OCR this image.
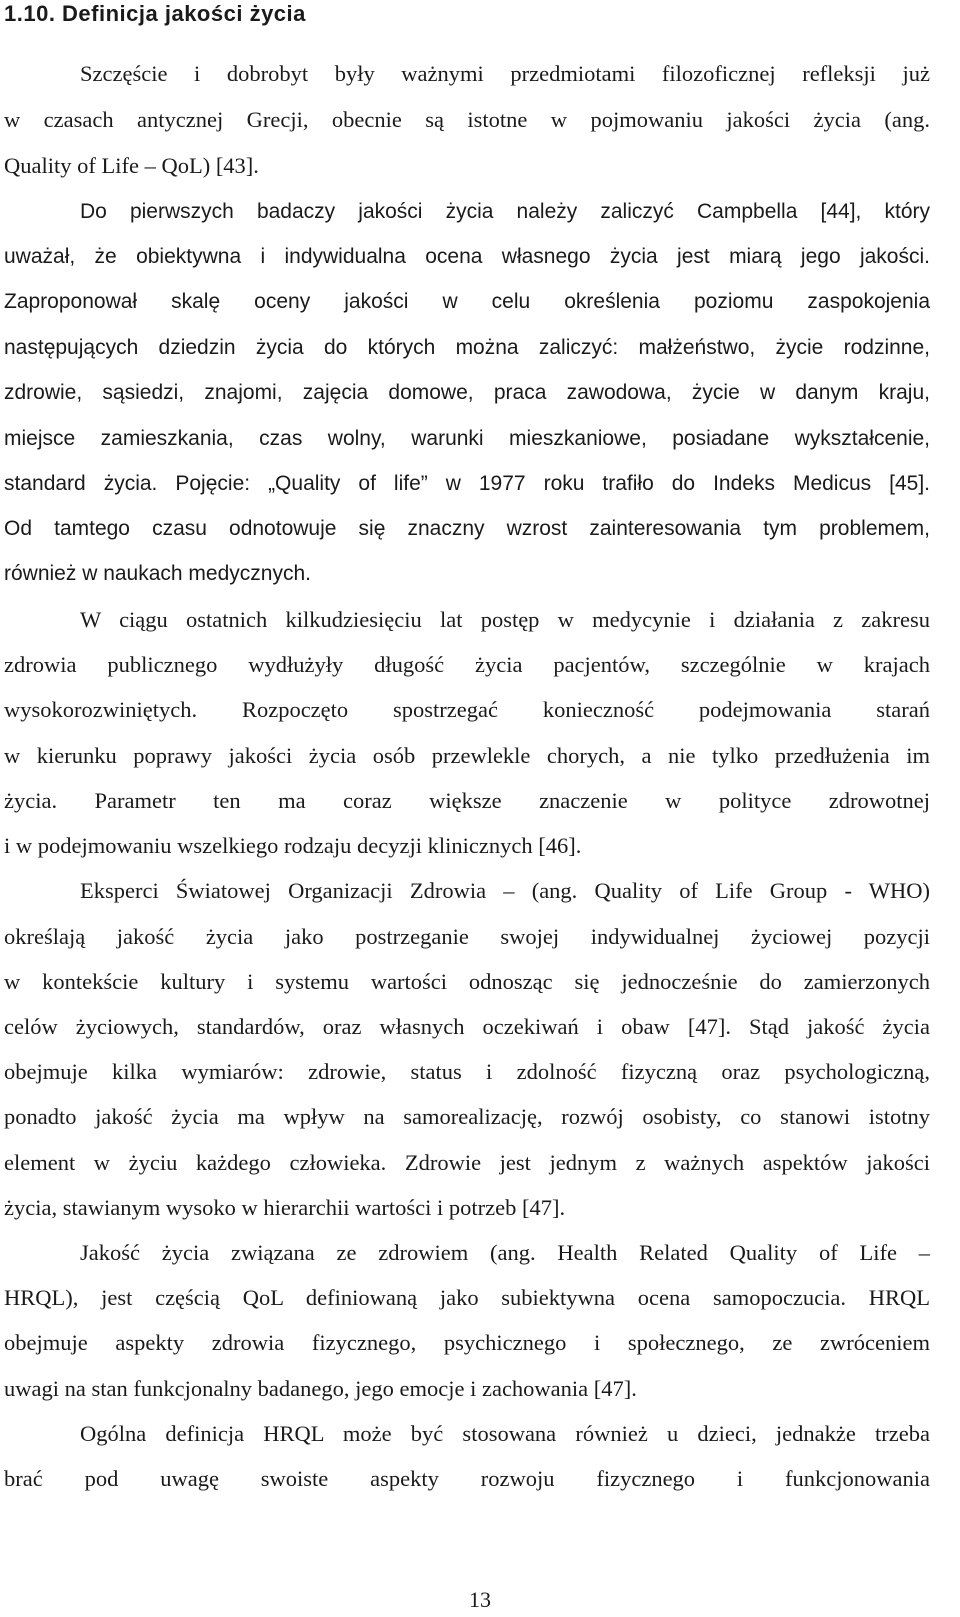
1.10. Definicja jakości życia
Szczęście i dobrobyt były ważnymi przedmiotami filozoficznej refleksji już
w czasach antycznej Grecji, obecnie są istotne w pojmowaniu jakości życia (ang.
Quality of Life – QoL) [43].
Do pierwszych badaczy jakości życia należy zaliczyć Campbella [44], który
uważał, że obiektywna i indywidualna ocena własnego życia jest miarą jego jakości.
Zaproponował skalę oceny jakości w celu określenia poziomu zaspokojenia
następujących dziedzin życia do których można zaliczyć: małżeństwo, życie rodzinne,
zdrowie, sąsiedzi, znajomi, zajęcia domowe, praca zawodowa, życie w danym kraju,
miejsce zamieszkania, czas wolny, warunki mieszkaniowe, posiadane wykształcenie,
standard życia. Pojęcie: „Quality of life” w 1977 roku trafiło do Indeks Medicus [45].
Od tamtego czasu odnotowuje się znaczny wzrost zainteresowania tym problemem,
również w naukach medycznych.
W ciągu ostatnich kilkudziesięciu lat postęp w medycynie i działania z zakresu
zdrowia publicznego wydłużyły długość życia pacjentów, szczególnie w krajach
wysokorozwiniętych. Rozpoczęto spostrzegać konieczność podejmowania starań
w kierunku poprawy jakości życia osób przewlekle chorych, a nie tylko przedłużenia im
życia. Parametr ten ma coraz większe znaczenie w polityce zdrowotnej
i w podejmowaniu wszelkiego rodzaju decyzji klinicznych [46].
Eksperci Światowej Organizacji Zdrowia – (ang. Quality of Life Group - WHO)
określają jakość życia jako postrzeganie swojej indywidualnej życiowej pozycji
w kontekście kultury i systemu wartości odnosząc się jednocześnie do zamierzonych
celów życiowych, standardów, oraz własnych oczekiwań i obaw [47]. Stąd jakość życia
obejmuje kilka wymiarów: zdrowie, status i zdolność fizyczną oraz psychologiczną,
ponadto jakość życia ma wpływ na samorealizację, rozwój osobisty, co stanowi istotny
element w życiu każdego człowieka. Zdrowie jest jednym z ważnych aspektów jakości
życia, stawianym wysoko w hierarchii wartości i potrzeb [47].
Jakość życia związana ze zdrowiem (ang. Health Related Quality of Life –
HRQL), jest częścią QoL definiowaną jako subiektywna ocena samopoczucia. HRQL
obejmuje aspekty zdrowia fizycznego, psychicznego i społecznego, ze zwróceniem
uwagi na stan funkcjonalny badanego, jego emocje i zachowania [47].
Ogólna definicja HRQL może być stosowana również u dzieci, jednakże trzeba
brać pod uwagę swoiste aspekty rozwoju fizycznego i funkcjonowania
13
